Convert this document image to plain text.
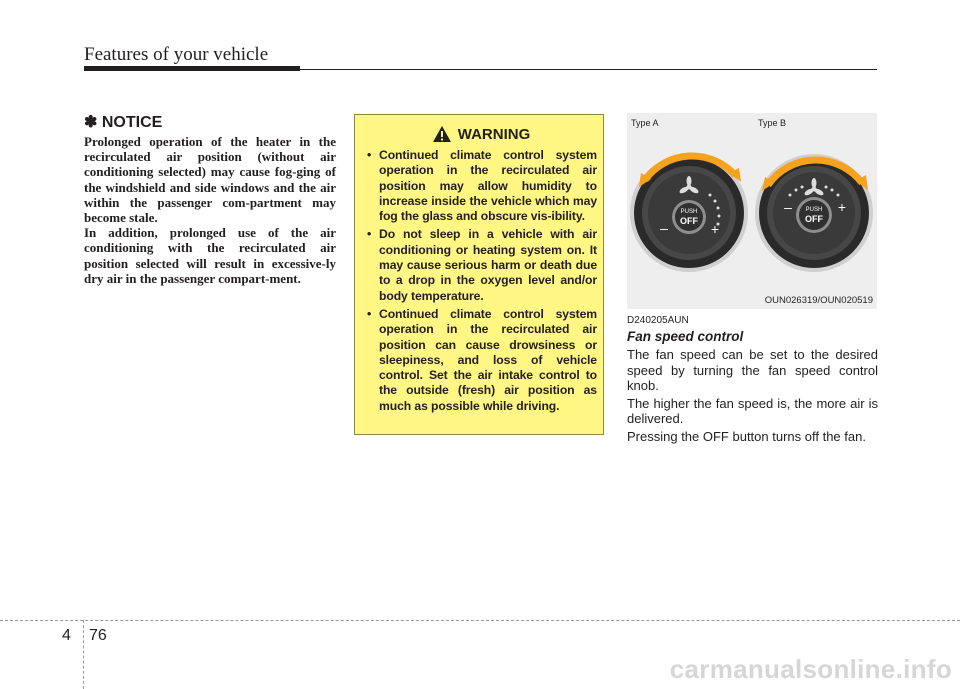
Features of your vehicle
✽ NOTICE

Prolonged operation of the heater in the recirculated air position (without air conditioning selected) may cause fog-ging of the windshield and side windows and the air within the passenger com-partment may become stale.

In addition, prolonged use of the air conditioning with the recirculated air position selected will result in excessive-ly dry air in the passenger compart-ment.

WARNING
• Continued climate control system operation in the recirculated air position may allow humidity to increase inside the vehicle which may fog the glass and obscure vis-ibility.
• Do not sleep in a vehicle with air conditioning or heating system on. It may cause serious harm or death due to a drop in the oxygen level and/or body temperature.
• Continued climate control system operation in the recirculated air position can cause drowsiness or sleepiness, and loss of vehicle control. Set the air intake control to the outside (fresh) air position as much as possible while driving.
Type A	Type B
PUSH
OFF
–	+
PUSH
OFF
–	+
OUN026319/OUN020519
D240205AUN
Fan speed control

The fan speed can be set to the desired speed by turning the fan speed control knob.

The higher the fan speed is, the more air is delivered.

Pressing the OFF button turns off the fan.

4 76
carmanualsonline.info
